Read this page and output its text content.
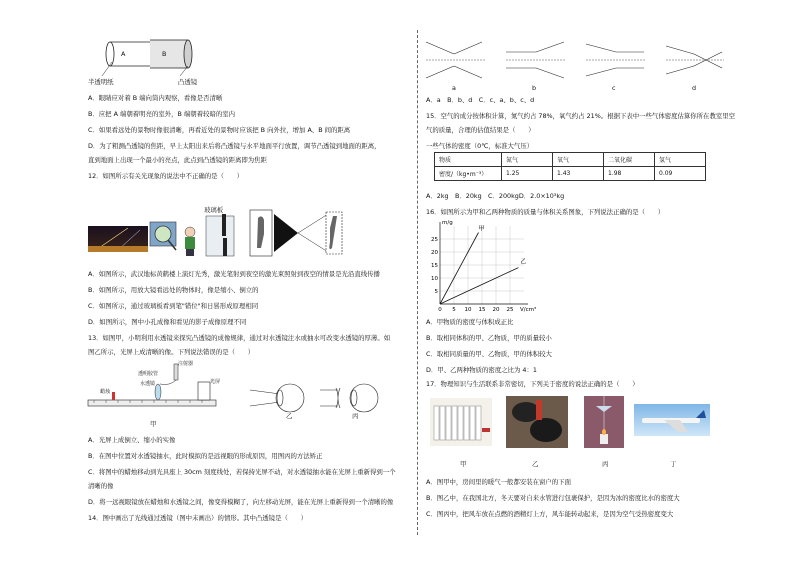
A	B
半透明纸	凸透镜
A．眼睛应对着 B 端向筒内观察，看像是否清晰
B．应把 A 端朝着明亮的室外，B 端朝着较暗的室内
C．如果看远处的景物时像很清晰，再看近处的景物时应该把 B 向外拉，增加 A、B 间的距离
D．为了粗测凸透镜的焦距，早上太阳出来后将凸透镜与水平地面平行放置，调节凸透镜到地面的距离，
直到地面上出现一个最小的亮点，此点到凸透镜的距离即为焦距
12．如图所示有关光现象的说法中不正确的是（　　）
玻璃板
A．如图所示，武汉地标黄鹤楼上演灯光秀，激光笔射到夜空的激光束照射到夜空的情景是光沿直线传播
B．如图所示，用放大镜看远处的物体时，像是缩小、倒立的
C．如图所示，通过玻璃板看到笔"错位"和日晷形成原理相同
D．如图所示，图中小孔成像和看见的影子成像原理不同
13．如图甲，小明利用水透镜来探究凸透镜的成像规律，通过对水透镜注水或抽水可改变水透镜的厚薄。如
图乙所示，光屏上成清晰的像。下列说法错误的是（　　）
注射器
透明胶管
水透镜	光屏
蜡烛
甲
乙	丙
A．光屏上成倒立、缩小的实像
B．在图中位置对水透镜抽水，此时模拟的是远视眼的形成原因，用图丙的方法矫正
C．将图中的蜡烛移动到光具座上 30cm 刻度线处，若保持光屏不动，对水透镜抽水能在光屏上重新得到一个
清晰的像
D．将一远视眼镜放在蜡烛和水透镜之间，像变得模糊了，向左移动光屏，能在光屏上重新得到一个清晰的像
14．图中画出了光线通过透镜（图中未画出）的情形。其中凸透镜是（　　）
a	b	c	d
A．a　B．b、d　C．c、a、b、c、d
15．空气的成分按体积计算，氮气约占 78%，氧气约占 21%。根据下表中一些气体密度估算你所在教室里空
气的质量，合理的估值结果是（　　）
一些气体的密度（0℃，标准大气压）
物质	氮气	氧气	二氧化碳	氢气
密度/（kg•m⁻³）	1.25	1.43	1.98	0.09
A．2kg　B．20kg　C．200kgD．2.0×10³kg
16．如图所示为甲和乙两种物质的质量与体积关系图象，下列说法正确的是（　　）
0 5 10 15 20 25
5
10
15
20
25
m/g
V/cm³
甲
乙
A．甲物质的密度与体积成正比
B．取相同体积的甲、乙物质，甲的质量较小
C．取相同质量的甲、乙物质，甲的体积较大
D．甲、乙两种物质的密度之比为 4：1
17．物理知识与生活联系非常密切，下列关于密度的说法正确的是（　　）
甲	乙	丙	丁
A．图甲中，房间里的暖气一般都安装在窗户的下面
B．图乙中，在我国北方，冬天要对自来水管进行包裹保护，是因为冰的密度比水的密度大
C．图丙中，把风车放在点燃的酒精灯上方，风车能转动起来，是因为空气受热密度变大
